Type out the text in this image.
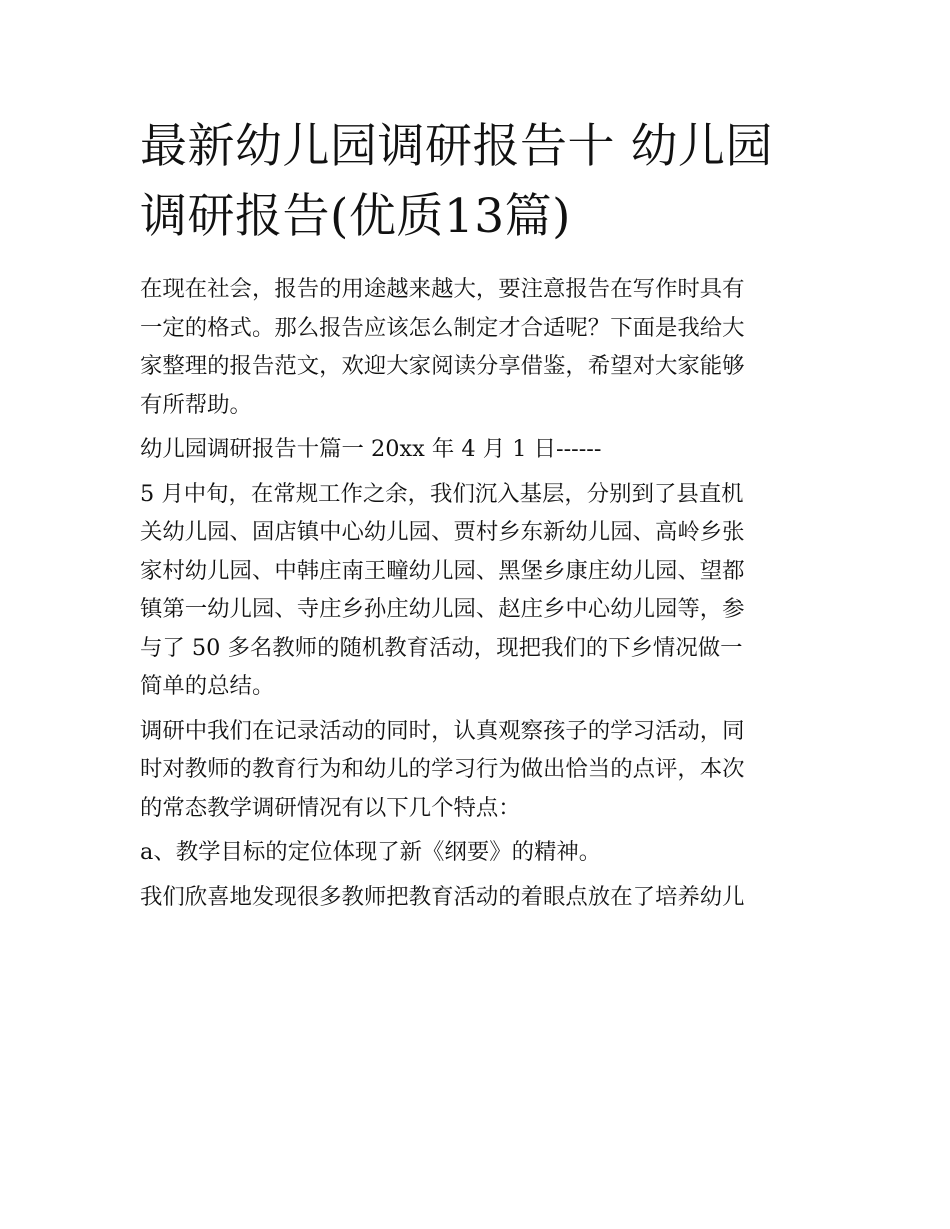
最新幼儿园调研报告十 幼儿园
调研报告(优质13篇)
在现在社会，报告的用途越来越大，要注意报告在写作时具有
一定的格式。那么报告应该怎么制定才合适呢？下面是我给大
家整理的报告范文，欢迎大家阅读分享借鉴，希望对大家能够
有所帮助。
幼儿园调研报告十篇一 20xx 年 4 月 1 日------
5 月中旬，在常规工作之余，我们沉入基层，分别到了县直机
关幼儿园、固店镇中心幼儿园、贾村乡东新幼儿园、高岭乡张
家村幼儿园、中韩庄南王疃幼儿园、黑堡乡康庄幼儿园、望都
镇第一幼儿园、寺庄乡孙庄幼儿园、赵庄乡中心幼儿园等，参
与了 50 多名教师的随机教育活动，现把我们的下乡情况做一
简单的总结。
调研中我们在记录活动的同时，认真观察孩子的学习活动，同
时对教师的教育行为和幼儿的学习行为做出恰当的点评，本次
的常态教学调研情况有以下几个特点：
a、教学目标的定位体现了新《纲要》的精神。
我们欣喜地发现很多教师把教育活动的着眼点放在了培养幼儿
